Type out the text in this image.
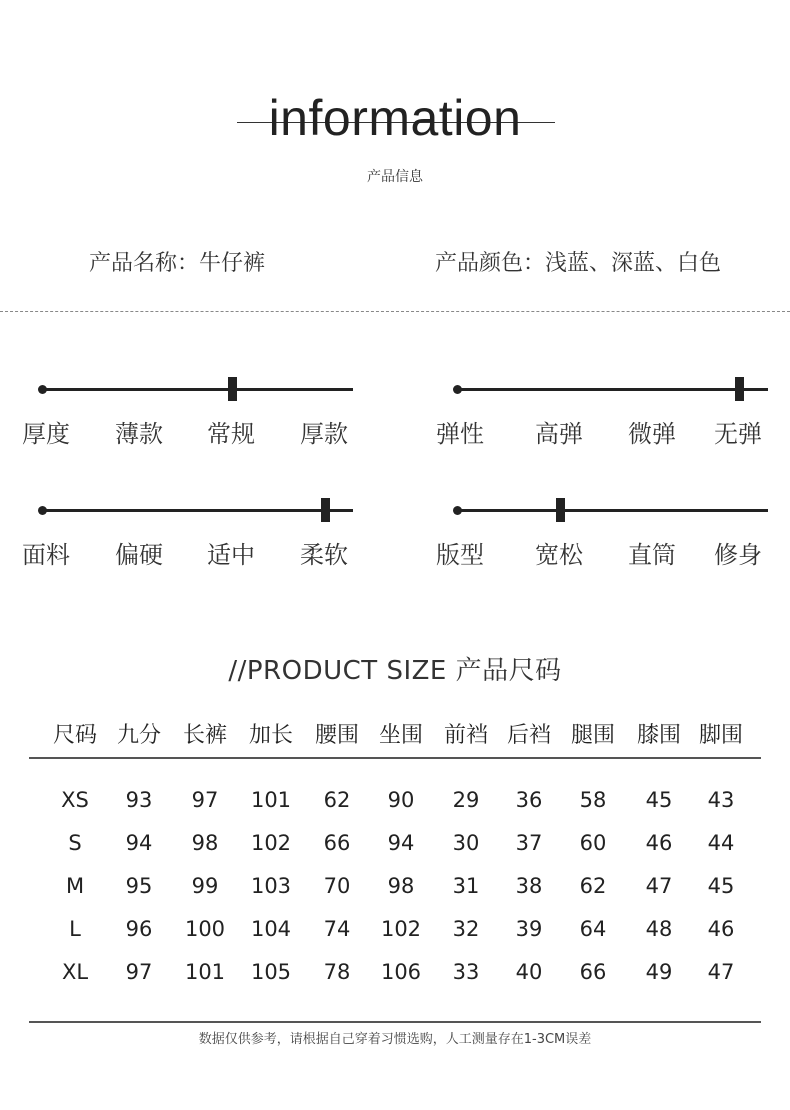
information
产品信息
产品名称：牛仔裤	产品颜色：浅蓝、深蓝、白色
厚度 薄款 常规 厚款	弹性 高弹 微弹 无弹
面料 偏硬 适中 柔软	版型 宽松 直筒 修身
//PRODUCT SIZE 产品尺码
尺码 九分 长裤 加长 腰围 坐围 前裆 后裆 腿围 膝围 脚围
XS	93	97	101	62	90	29	36	58	45	43
S	94	98	102	66	94	30	37	60	46	44
M	95	99	103	70	98	31	38	62	47	45
L	96	100	104	74	102	32	39	64	48	46
XL	97	101	105	78	106	33	40	66	49	47
数据仅供参考，请根据自己穿着习惯选购，人工测量存在1-3CM误差
